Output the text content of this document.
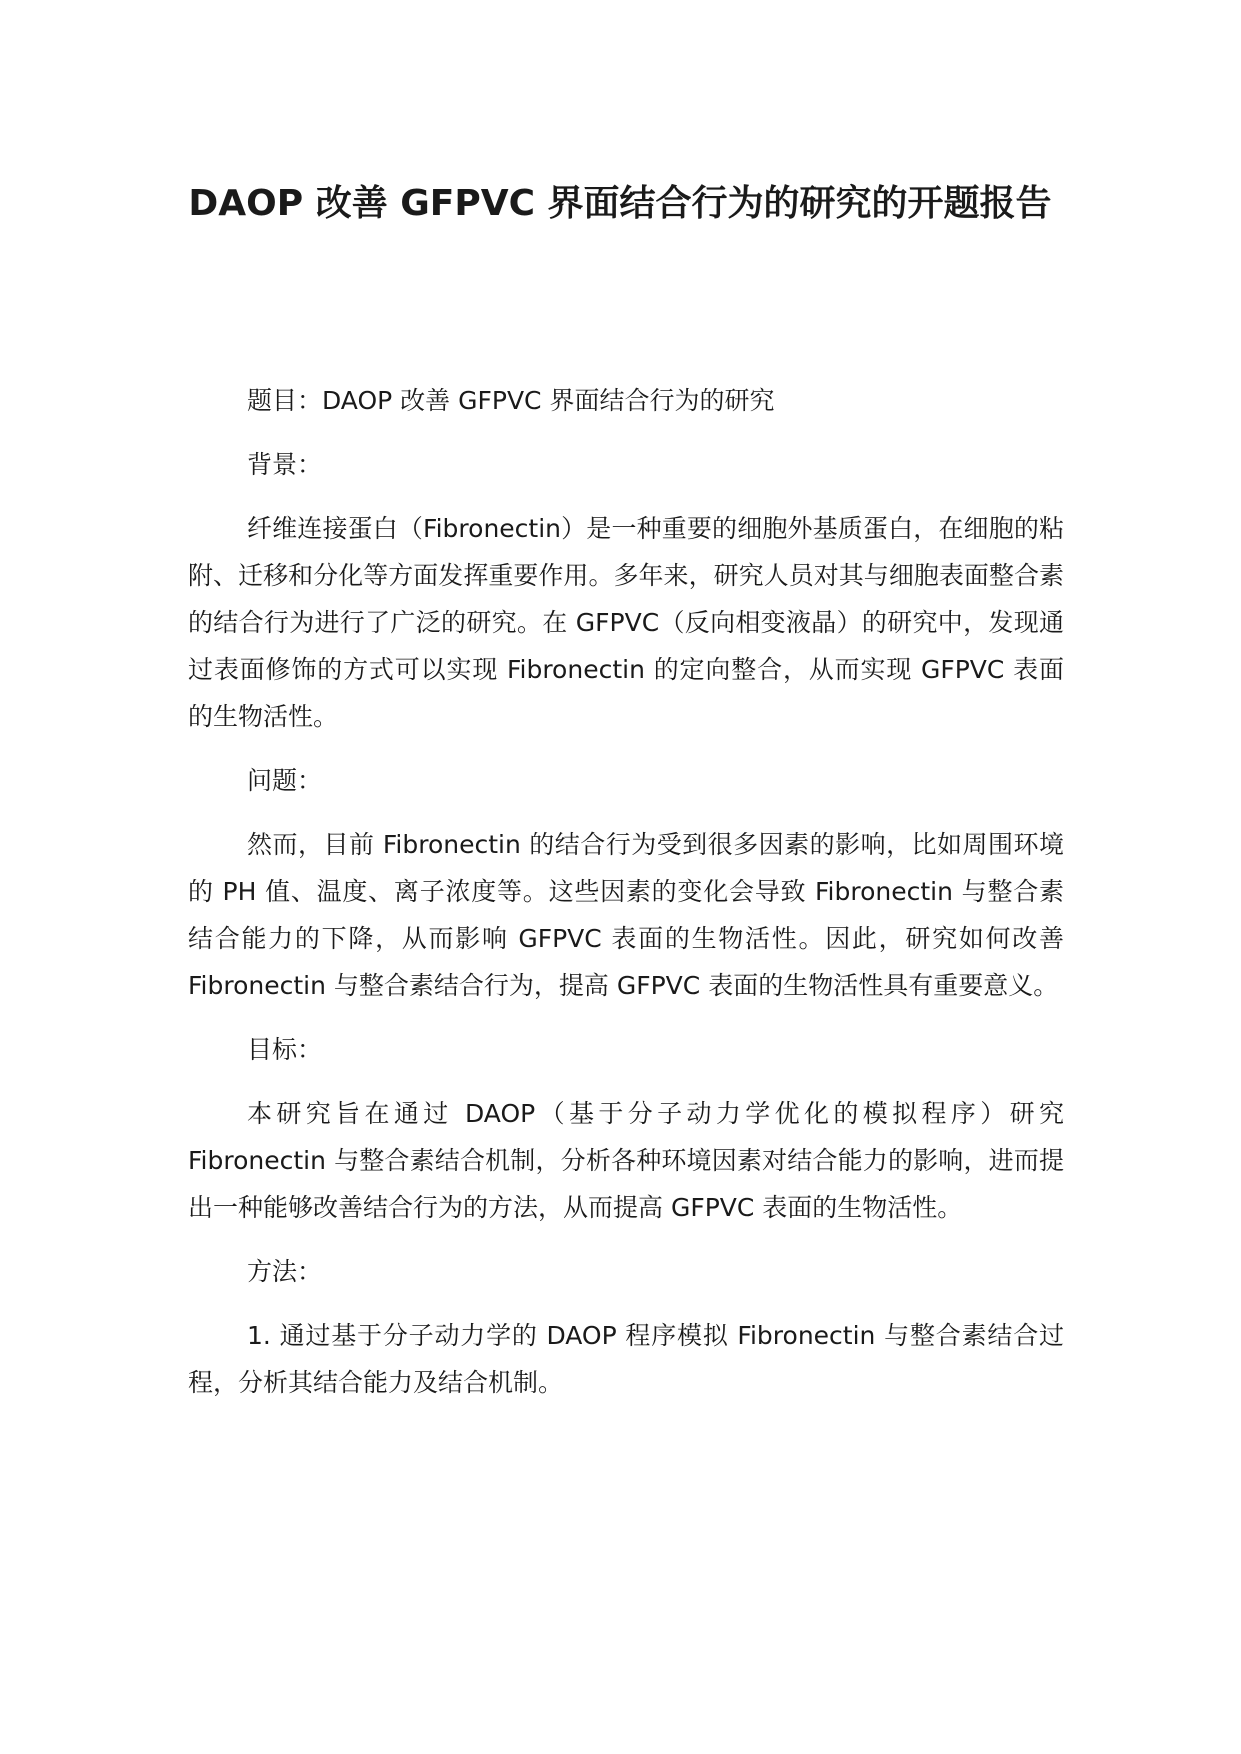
DAOP 改善 GFPVC 界面结合行为的研究的开题报告

题目：DAOP 改善 GFPVC 界面结合行为的研究

背景：

纤维连接蛋白（Fibronectin）是一种重要的细胞外基质蛋白，在细胞的粘附、迁移和分化等方面发挥重要作用。多年来，研究人员对其与细胞表面整合素的结合行为进行了广泛的研究。在 GFPVC（反向相变液晶）的研究中，发现通过表面修饰的方式可以实现 Fibronectin 的定向整合，从而实现 GFPVC 表面的生物活性。

问题：

然而，目前 Fibronectin 的结合行为受到很多因素的影响，比如周围环境的 PH 值、温度、离子浓度等。这些因素的变化会导致 Fibronectin 与整合素结合能力的下降，从而影响 GFPVC 表面的生物活性。因此，研究如何改善 Fibronectin 与整合素结合行为，提高 GFPVC 表面的生物活性具有重要意义。

目标：

本研究旨在通过 DAOP（基于分子动力学优化的模拟程序）研究 Fibronectin 与整合素结合机制，分析各种环境因素对结合能力的影响，进而提出一种能够改善结合行为的方法，从而提高 GFPVC 表面的生物活性。

方法：

1. 通过基于分子动力学的 DAOP 程序模拟 Fibronectin 与整合素结合过程，分析其结合能力及结合机制。
